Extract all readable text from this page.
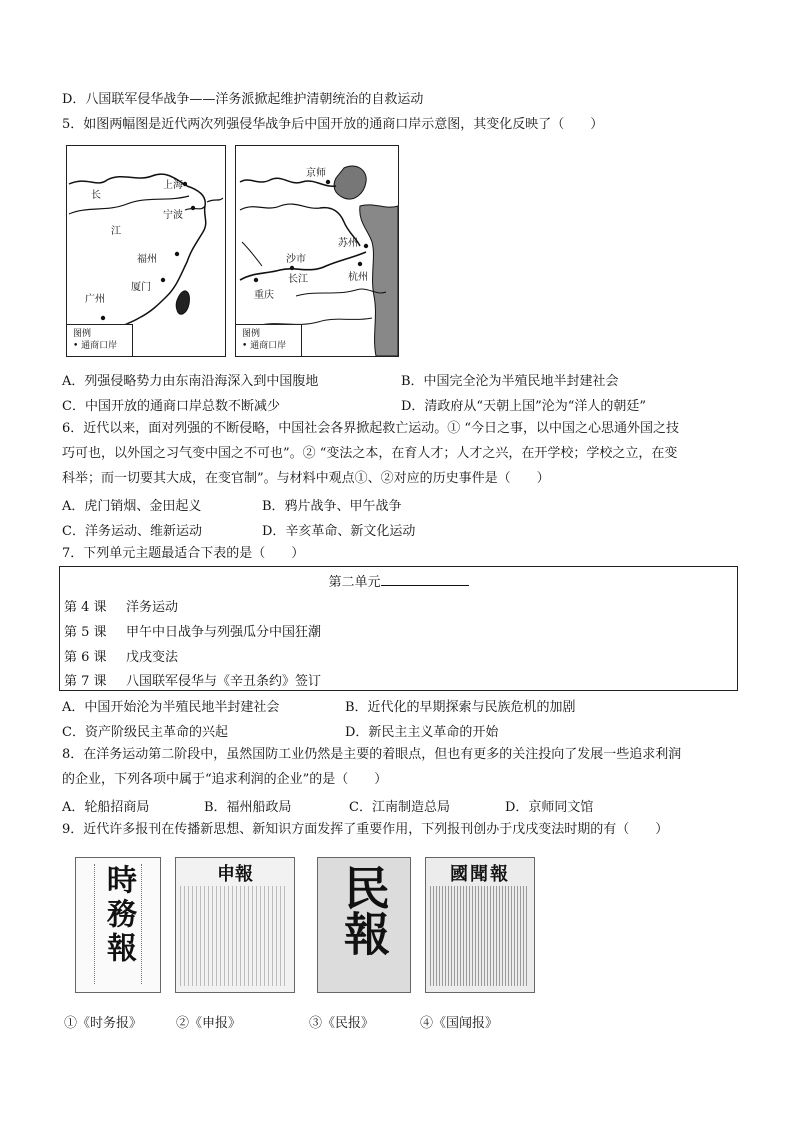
D．八国联军侵华战争——洋务派掀起维护清朝统治的自救运动
5．如图两幅图是近代两次列强侵华战争后中国开放的通商口岸示意图，其变化反映了（　　）
长
江
上海
宁波
福州
厦门
广州
图例
• 通商口岸
京师
苏州
沙市
长江	杭州
重庆
图例
• 通商口岸
A．列强侵略势力由东南沿海深入到中国腹地	B．中国完全沦为半殖民地半封建社会
C．中国开放的通商口岸总数不断减少	D．清政府从“天朝上国”沦为“洋人的朝廷”
6．近代以来，面对列强的不断侵略，中国社会各界掀起救亡运动。① “今日之事，以中国之心思通外国之技
巧可也，以外国之习气变中国之不可也”。② “变法之本，在育人才；人才之兴，在开学校；学校之立，在变
科举；而一切要其大成，在变官制”。与材料中观点①、②对应的历史事件是（　　）
A．虎门销烟、金田起义	B．鸦片战争、甲午战争
C．洋务运动、维新运动	D．辛亥革命、新文化运动
7．下列单元主题最适合下表的是（　　）
第二单元
第 4 课 洋务运动
第 5 课 甲午中日战争与列强瓜分中国狂潮
第 6 课 戊戌变法
第 7 课 八国联军侵华与《辛丑条约》签订
A．中国开始沦为半殖民地半封建社会	B．近代化的早期探索与民族危机的加剧
C．资产阶级民主革命的兴起	D．新民主主义革命的开始
8．在洋务运动第二阶段中，虽然国防工业仍然是主要的着眼点，但也有更多的关注投向了发展一些追求利润
的企业，下列各项中属于“追求利润的企业”的是（　　）
A．轮船招商局	B．福州船政局	C．江南制造总局	D．京师同文馆
9．近代许多报刊在传播新思想、新知识方面发挥了重要作用，下列报刊创办于戊戌变法时期的有（　　）
時務報	申報 民報	國聞報
①《时务报》	②《申报》	③《民报》	④《国闻报》
